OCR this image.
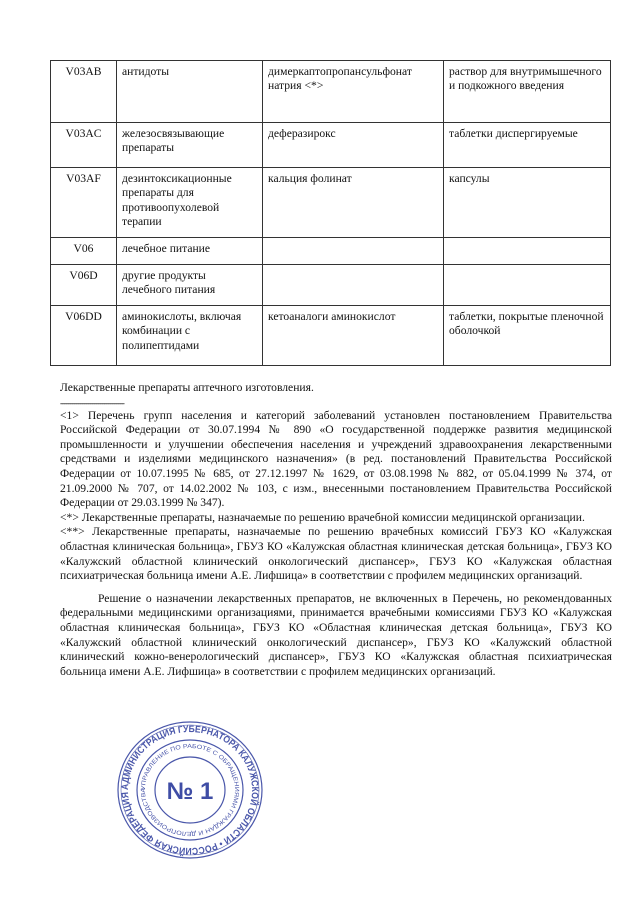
V03AB	антидоты	димеркаптопропансульфонат натрия <*>	раствор для внутримышечного и подкожного введения
V03AC	железосвязывающие препараты	деферазирокс	таблетки диспергируемые
V03AF	дезинтоксикационные препараты для противоопухолевой терапии	кальция фолинат	капсулы
V06	лечебное питание		
V06D	другие продукты лечебного питания		
V06DD	аминокислоты, включая комбинации с полипептидами	кетоаналоги аминокислот	таблетки, покрытые пленочной оболочкой

Лекарственные препараты аптечного изготовления.

--------------------------------

<1> Перечень групп населения и категорий заболеваний установлен постановлением Правительства Российской Федерации от 30.07.1994 № 890 «О государственной поддержке развития медицинской промышленности и улучшении обеспечения населения и учреждений здравоохранения лекарственными средствами и изделиями медицинского назначения» (в ред. постановлений Правительства Российской Федерации от 10.07.1995 № 685, от 27.12.1997 № 1629, от 03.08.1998 № 882, от 05.04.1999 № 374, от 21.09.2000 № 707, от 14.02.2002 № 103, с изм., внесенными постановлением Правительства Российской Федерации от 29.03.1999 № 347).

<*> Лекарственные препараты, назначаемые по решению врачебной комиссии медицинской организации.

<**> Лекарственные препараты, назначаемые по решению врачебных комиссий ГБУЗ КО «Калужская областная клиническая больница», ГБУЗ КО «Калужская областная клиническая детская больница», ГБУЗ КО «Калужский областной клинический онкологический диспансер», ГБУЗ КО «Калужская областная психиатрическая больница имени А.Е. Лифшица» в соответствии с профилем медицинских организаций.

Решение о назначении лекарственных препаратов, не включенных в Перечень, но рекомендованных федеральными медицинскими организациями, принимается врачебными комиссиями ГБУЗ КО «Калужская областная клиническая больница», ГБУЗ КО «Областная клиническая детская больница», ГБУЗ КО «Калужский областной клинический онкологический диспансер», ГБУЗ КО «Калужский областной клинический кожно-венерологический диспансер», ГБУЗ КО «Калужская областная психиатрическая больница имени А.Е. Лифшица» в соответствии с профилем медицинских организаций.

АДМИНИСТРАЦИЯ ГУБЕРНАТОРА КАЛУЖСКОЙ ОБЛАСТИ • РОССИЙСКАЯ ФЕДЕРАЦИЯ
УПРАВЛЕНИЕ ПО РАБОТЕ С ОБРАЩЕНИЯМИ ГРАЖДАН И ДЕЛОПРОИЗВОДСТВА № 1
